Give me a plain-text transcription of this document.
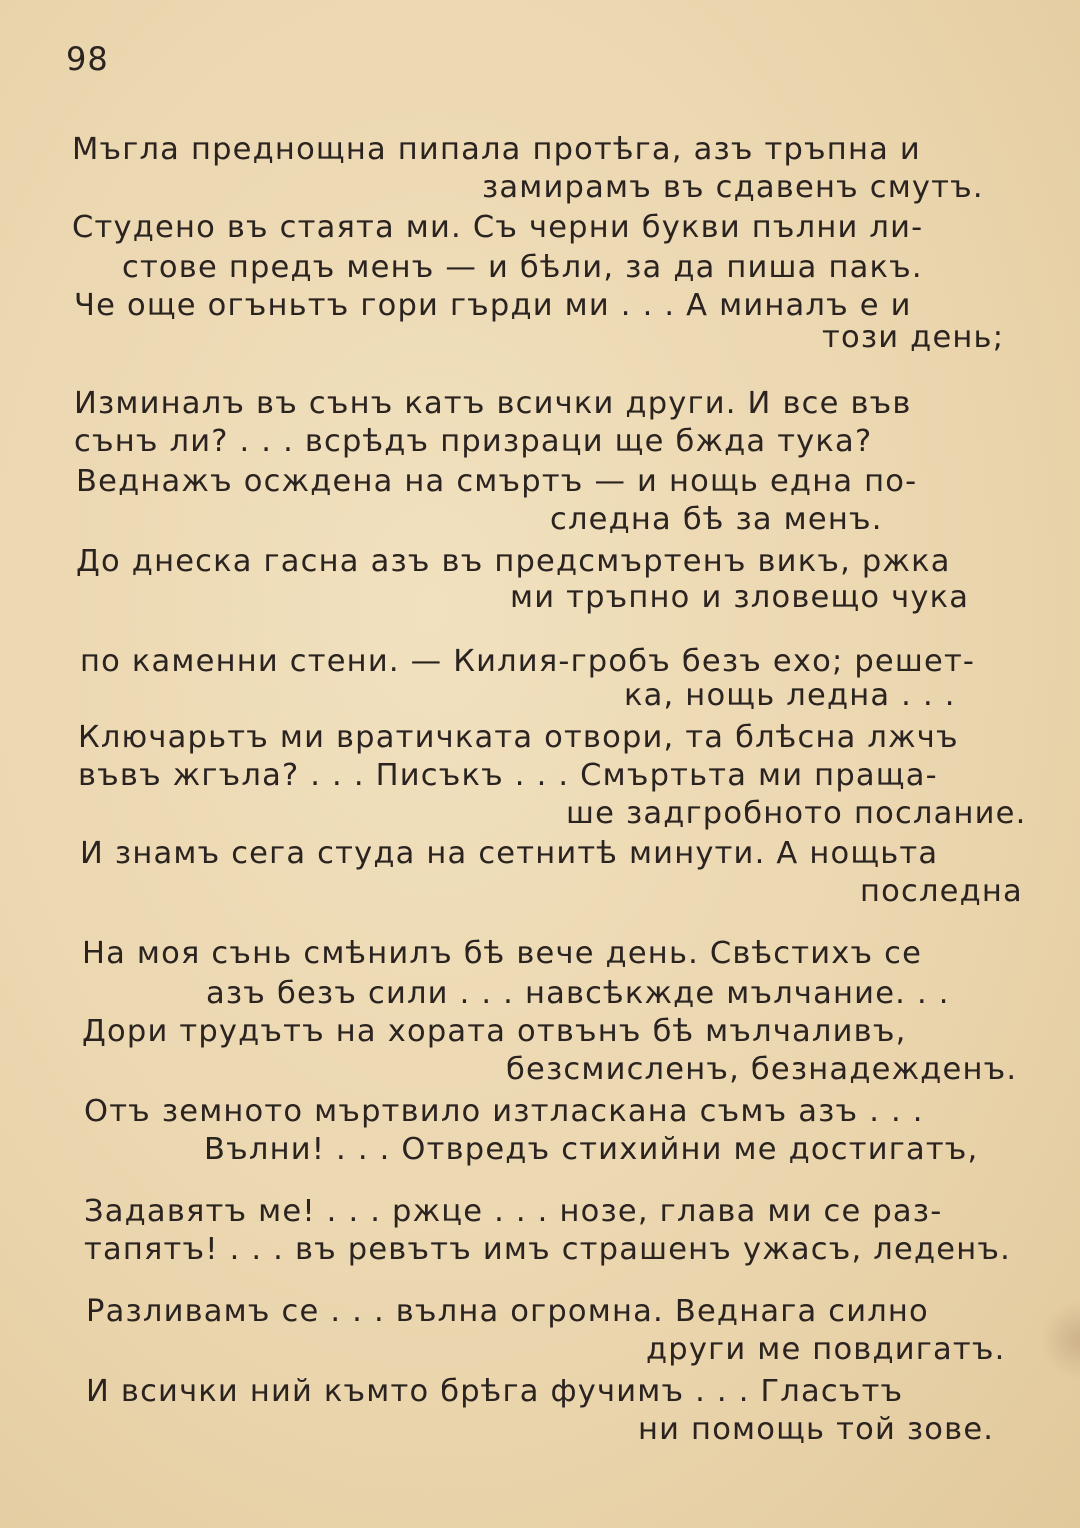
98
Мъгла преднощна пипала протѣга, азъ тръпна и
замирамъ въ сдавенъ смутъ.
Студено въ стаята ми. Съ черни букви пълни ли-
стове предъ менъ — и бѣли, за да пиша пакъ.
Че още огъньтъ гори гърди ми . . . А миналъ е и
този день;
Изминалъ въ сънъ катъ всички други. И все във
сънъ ли? . . . всрѣдъ призраци ще бжда тука?
Веднажъ осждена на смъртъ — и нощь една по-
следна бѣ за менъ.
До днеска гасна азъ въ предсмъртенъ викъ, ржка
ми тръпно и зловещо чука
по каменни стени. — Килия-гробъ безъ ехо; решет-
ка, нощь ледна . . .
Ключарьтъ ми вратичката отвори, та блѣсна лжчъ
въвъ жгъла? . . . Писъкъ . . . Смъртьта ми праща-
ше задгробното послание.
И знамъ сега студа на сетнитѣ минути. А нощьта
последна
На моя сънь смѣнилъ бѣ вече день. Свѣстихъ се
азъ безъ сили . . . навсѣкжде мълчание. . .
Дори трудътъ на хората отвънъ бѣ мълчаливъ,
безсмисленъ, безнадежденъ.
Отъ земното мъртвило изтласкана съмъ азъ . . .
Вълни! . . . Отвредъ стихийни ме достигатъ,
Задавятъ ме! . . . ржце . . . нозе, глава ми се раз-
тапятъ! . . . въ ревътъ имъ страшенъ ужасъ, леденъ.
Разливамъ се . . . вълна огромна. Веднага силно
други ме повдигатъ.
И всички ний къмто брѣга фучимъ . . . Гласътъ
ни помощь той зове.
